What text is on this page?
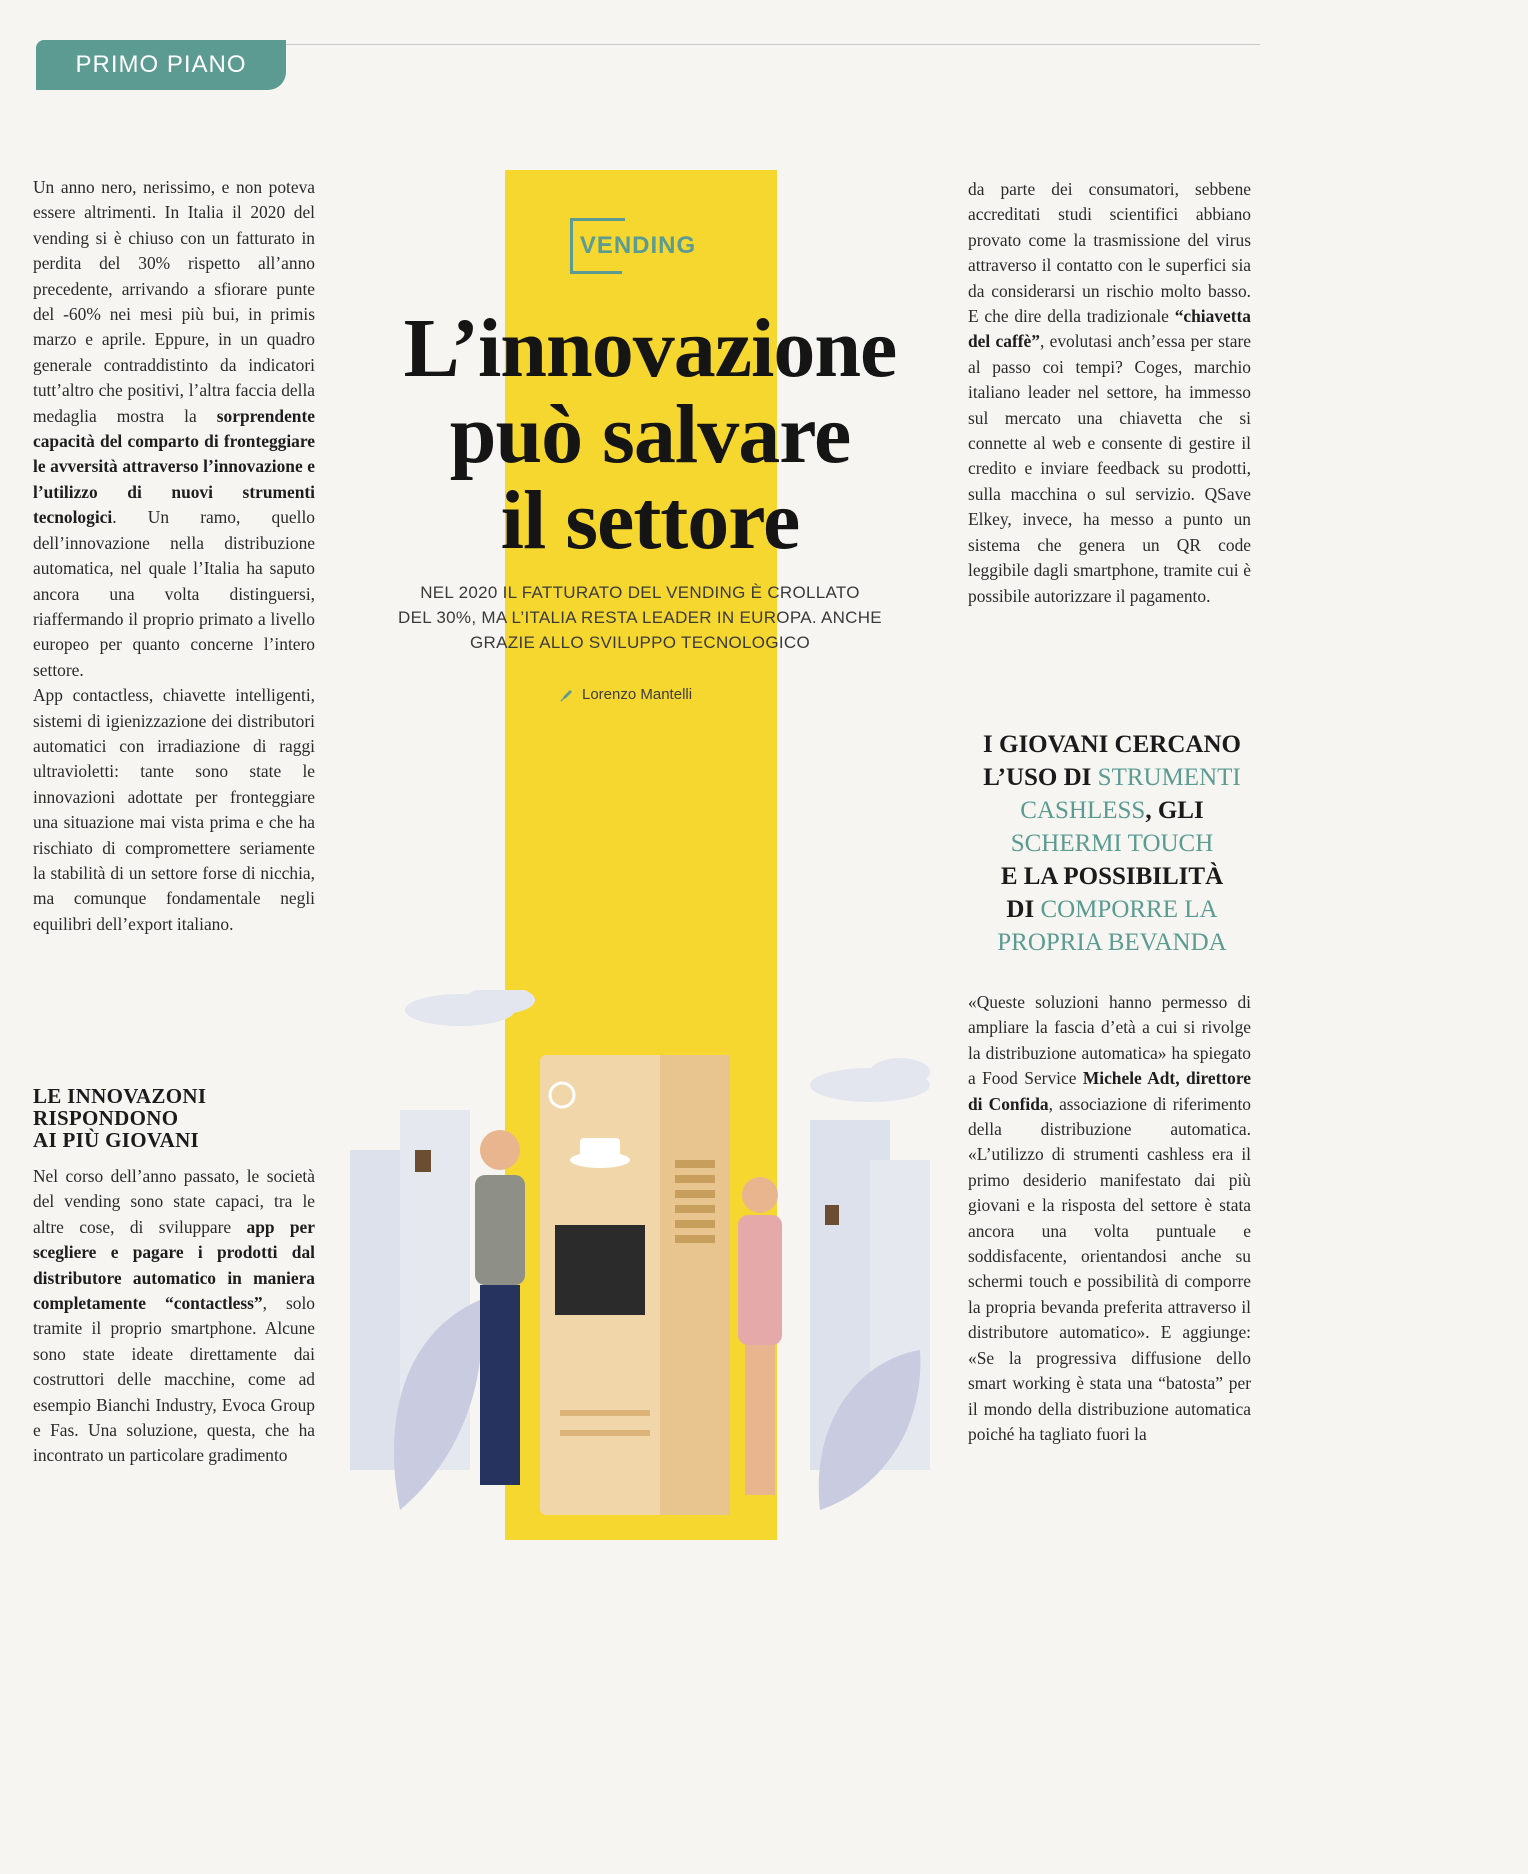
PRIMO PIANO
VENDING
L’innovazione
può salvare
il settore
NEL 2020 IL FATTURATO DEL VENDING È CROLLATO
DEL 30%, MA L’ITALIA RESTA LEADER IN EUROPA. ANCHE
GRAZIE ALLO SVILUPPO TECNOLOGICO
Lorenzo Mantelli

Un anno nero, nerissimo, e non poteva essere altrimenti. In Italia il 2020 del vending si è chiuso con un fatturato in perdita del 30% rispetto all’anno precedente, arrivando a sfiorare punte del -60% nei mesi più bui, in primis marzo e aprile. Eppure, in un quadro generale contraddistinto da indicatori tutt’altro che positivi, l’altra faccia della medaglia mostra la sorprendente capacità del comparto di fronteggiare le avversità attraverso l’innovazione e l’utilizzo di nuovi strumenti tecnologici. Un ramo, quello dell’innovazione nella distribuzione automatica, nel quale l’Italia ha saputo ancora una volta distinguersi, riaffermando il proprio primato a livello europeo per quanto concerne l’intero settore.

App contactless, chiavette intelligenti, sistemi di igienizzazione dei distributori automatici con irradiazione di raggi ultravioletti: tante sono state le innovazioni adottate per fronteggiare una situazione mai vista prima e che ha rischiato di compromettere seriamente la stabilità di un settore forse di nicchia, ma comunque fondamentale negli equilibri dell’export italiano.

LE INNOVAZONI
RISPONDONO
AI PIÙ GIOVANI

Nel corso dell’anno passato, le società del vending sono state capaci, tra le altre cose, di sviluppare app per scegliere e pagare i prodotti dal distributore automatico in maniera completamente “contactless”, solo tramite il proprio smartphone. Alcune sono state ideate direttamente dai costruttori delle macchine, come ad esempio Bianchi Industry, Evoca Group e Fas. Una soluzione, questa, che ha incontrato un particolare gradimento

da parte dei consumatori, sebbene accreditati studi scientifici abbiano provato come la trasmissione del virus attraverso il contatto con le superfici sia da considerarsi un rischio molto basso. E che dire della tradizionale “chiavetta del caffè”, evolutasi anch’essa per stare al passo coi tempi? Coges, marchio italiano leader nel settore, ha immesso sul mercato una chiavetta che si connette al web e consente di gestire il credito e inviare feedback su prodotti, sulla macchina o sul servizio. QSave Elkey, invece, ha messo a punto un sistema che genera un QR code leggibile dagli smartphone, tramite cui è possibile autorizzare il pagamento.

I GIOVANI CERCANO
L’USO DI STRUMENTI
CASHLESS, GLI
SCHERMI TOUCH
E LA POSSIBILITÀ
DI COMPORRE LA
PROPRIA BEVANDA

«Queste soluzioni hanno permesso di ampliare la fascia d’età a cui si rivolge la distribuzione automatica» ha spiegato a Food Service Michele Adt, direttore di Confida, associazione di riferimento della distribuzione automatica. «L’utilizzo di strumenti cashless era il primo desiderio manifestato dai più giovani e la risposta del settore è stata ancora una volta puntuale e soddisfacente, orientandosi anche su schermi touch e possibilità di comporre la propria bevanda preferita attraverso il distributore automatico». E aggiunge: «Se la progressiva diffusione dello smart working è stata una “batosta” per il mondo della distribuzione automatica poiché ha tagliato fuori la
